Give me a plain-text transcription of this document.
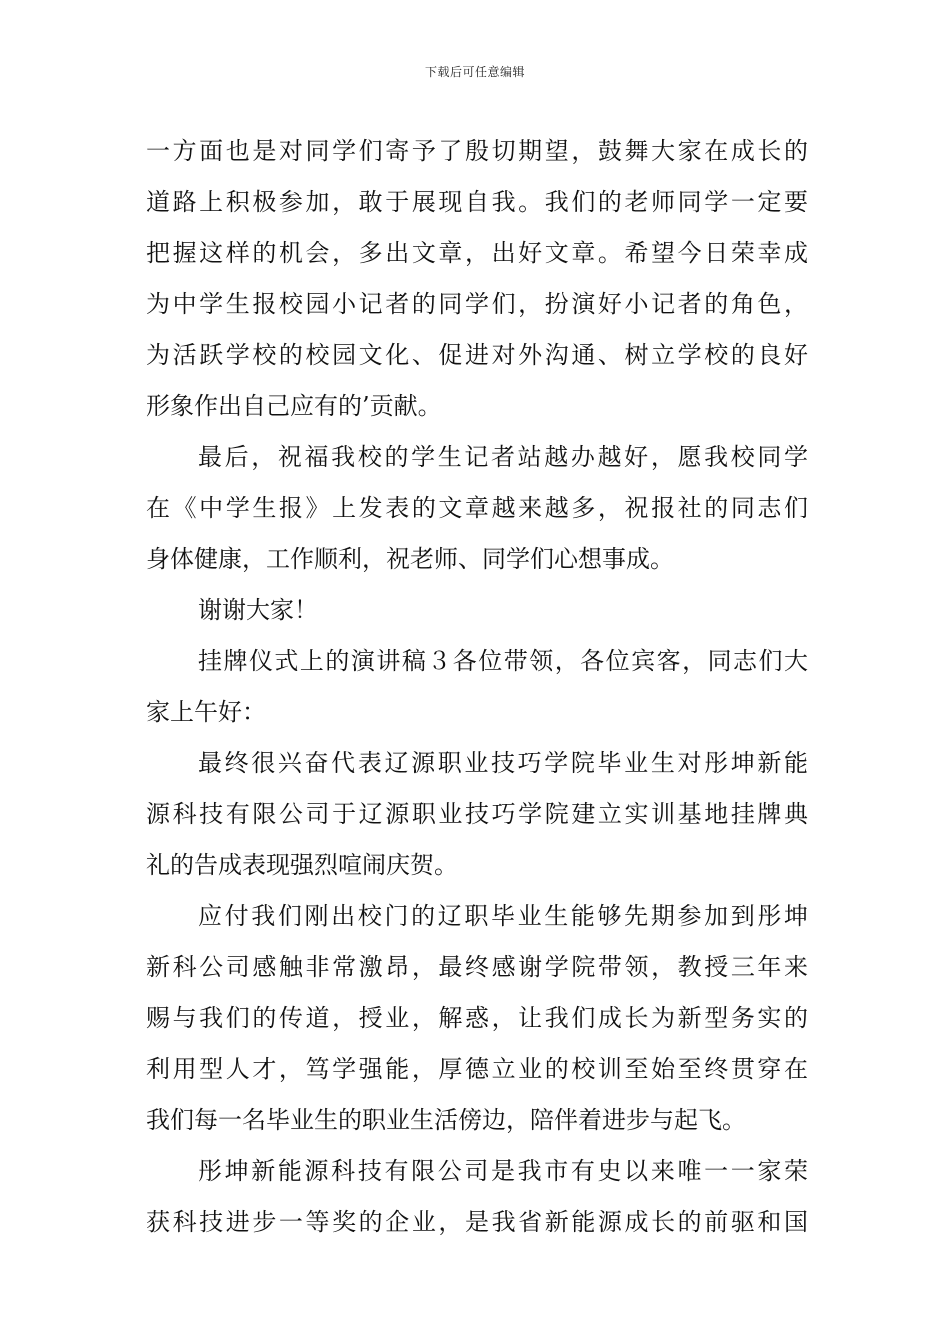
下载后可任意编辑
一方面也是对同学们寄予了殷切期望，鼓舞大家在成长的
道路上积极参加，敢于展现自我。我们的老师同学一定要
把握这样的机会，多出文章，出好文章。希望今日荣幸成
为中学生报校园小记者的同学们，扮演好小记者的角色，
为活跃学校的校园文化、促进对外沟通、树立学校的良好
形象作出自己应有的’贡献。
最后，祝福我校的学生记者站越办越好，愿我校同学
在《中学生报》上发表的文章越来越多，祝报社的同志们
身体健康，工作顺利，祝老师、同学们心想事成。
谢谢大家！
挂牌仪式上的演讲稿３各位带领，各位宾客，同志们大
家上午好：
最终很兴奋代表辽源职业技巧学院毕业生对彤坤新能
源科技有限公司于辽源职业技巧学院建立实训基地挂牌典
礼的告成表现强烈喧闹庆贺。
应付我们刚出校门的辽职毕业生能够先期参加到彤坤
新科公司感触非常激昂，最终感谢学院带领，教授三年来
赐与我们的传道，授业，解惑，让我们成长为新型务实的
利用型人才，笃学强能，厚德立业的校训至始至终贯穿在
我们每一名毕业生的职业生活傍边，陪伴着进步与起飞。
彤坤新能源科技有限公司是我市有史以来唯一一家荣
获科技进步一等奖的企业，是我省新能源成长的前驱和国
